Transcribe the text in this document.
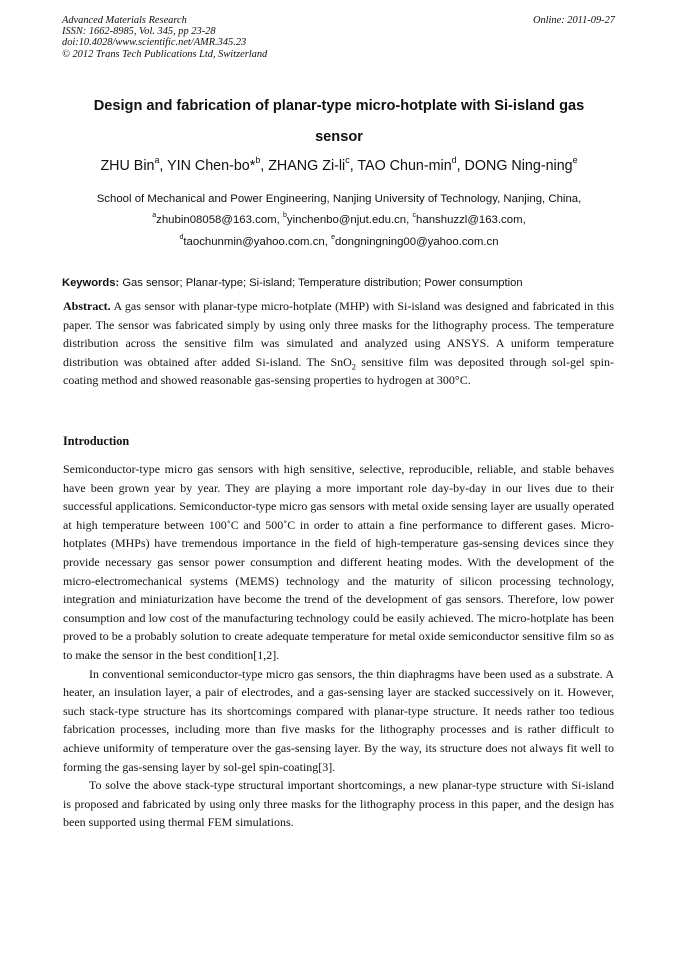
Advanced Materials Research
ISSN: 1662-8985, Vol. 345, pp 23-28
doi:10.4028/www.scientific.net/AMR.345.23
© 2012 Trans Tech Publications Ltd, Switzerland
Online: 2011-09-27
Design and fabrication of planar-type micro-hotplate with Si-island gas
sensor
ZHU Bin$^a$, YIN Chen-bo*$^b$, ZHANG $Zi-li^c$, TAO Chun-$\min^d$, DONG Ning-ning$^e$
School of Mechanical and Power Engineering, Nanjing University of Technology, Nanjing, China,
$^a$zhubin08058@163.com, $^b$yinchenbo@njut.edu.cn, $^c$hanshuzzl@163.com,
$^d$taochunmin@yahoo.com.cn, $^e$dongningning00@yahoo.com.cn
Keywords: Gas sensor; Planar-type; Si-island; Temperature distribution; Power consumption

Abstract. A gas sensor with planar-type micro-hotplate (MHP) with Si-island was designed and fabricated in this paper. The sensor was fabricated simply by using only three masks for the lithography process. The temperature distribution across the sensitive film was simulated and analyzed using ANSYS. A uniform temperature distribution was obtained after added Si-island. The SnO$_2$ sensitive film was deposited through sol-gel spin-coating method and showed reasonable gas-sensing properties to hydrogen at 300°C.

Introduction

Semiconductor-type micro gas sensors with high sensitive, selective, reproducible, reliable, and stable behaves have been grown year by year. They are playing a more important role day-by-day in our lives due to their successful applications. Semiconductor-type micro gas sensors with metal oxide sensing layer are usually operated at high temperature between 100˚C and 500˚C in order to attain a fine performance to different gases. Micro-hotplates (MHPs) have tremendous importance in the field of high-temperature gas-sensing devices since they provide necessary gas sensor power consumption and different heating modes. With the development of the micro-electromechanical systems (MEMS) technology and the maturity of silicon processing technology, integration and miniaturization have become the trend of the development of gas sensors. Therefore, low power consumption and low cost of the manufacturing technology could be easily achieved. The micro-hotplate has been proved to be a probably solution to create adequate temperature for metal oxide semiconductor sensitive film so as to make the sensor in the best condition[1,2].

In conventional semiconductor-type micro gas sensors, the thin diaphragms have been used as a substrate. A heater, an insulation layer, a pair of electrodes, and a gas-sensing layer are stacked successively on it. However, such stack-type structure has its shortcomings compared with planar-type structure. It needs rather too tedious fabrication processes, including more than five masks for the lithography processes and is rather difficult to achieve uniformity of temperature over the gas-sensing layer. By the way, its structure does not always fit well to forming the gas-sensing layer by sol-gel spin-coating[3].

To solve the above stack-type structural important shortcomings, a new planar-type structure with Si-island is proposed and fabricated by using only three masks for the lithography process in this paper, and the design has been supported using thermal FEM simulations.
